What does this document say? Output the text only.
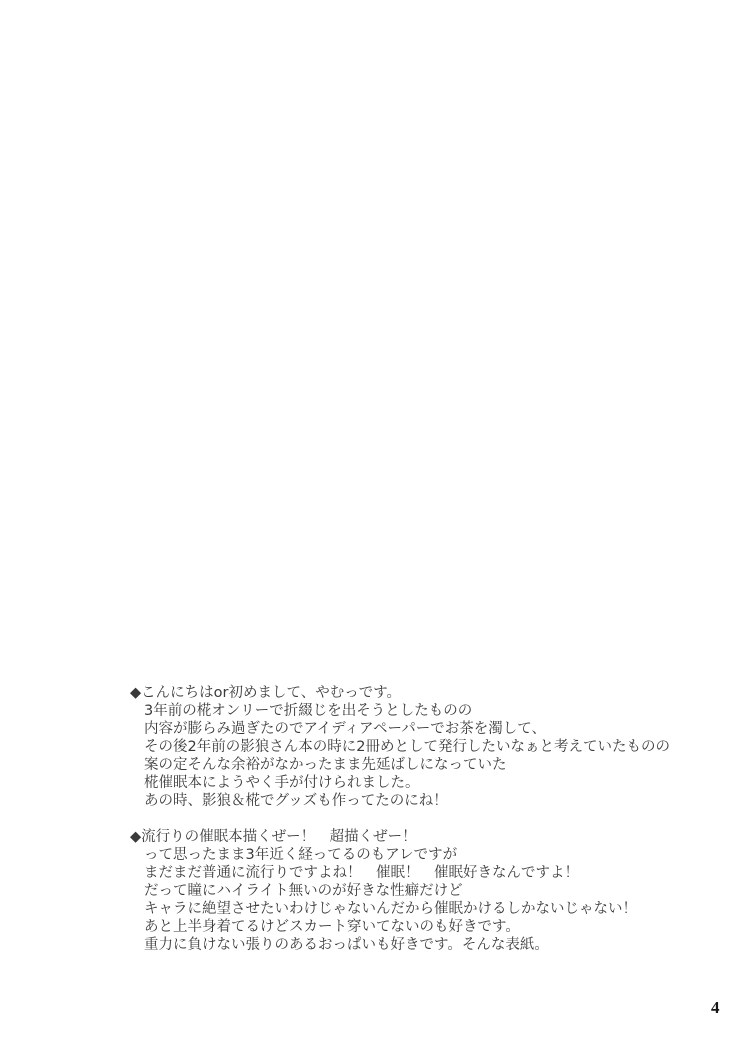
◆こんにちはor初めまして、やむっです。
3年前の椛オンリーで折綴じを出そうとしたものの
内容が膨らみ過ぎたのでアイディアペーパーでお茶を濁して、
その後2年前の影狼さん本の時に2冊めとして発行したいなぁと考えていたものの
案の定そんな余裕がなかったまま先延ばしになっていた
椛催眠本にようやく手が付けられました。
あの時、影狼＆椛でグッズも作ってたのにね！
◆流行りの催眠本描くぜー！　超描くぜー！
って思ったまま3年近く経ってるのもアレですが
まだまだ普通に流行りですよね！　催眠！　催眠好きなんですよ！
だって瞳にハイライト無いのが好きな性癖だけど
キャラに絶望させたいわけじゃないんだから催眠かけるしかないじゃない！
あと上半身着てるけどスカート穿いてないのも好きです。
重力に負けない張りのあるおっぱいも好きです。そんな表紙。
4
